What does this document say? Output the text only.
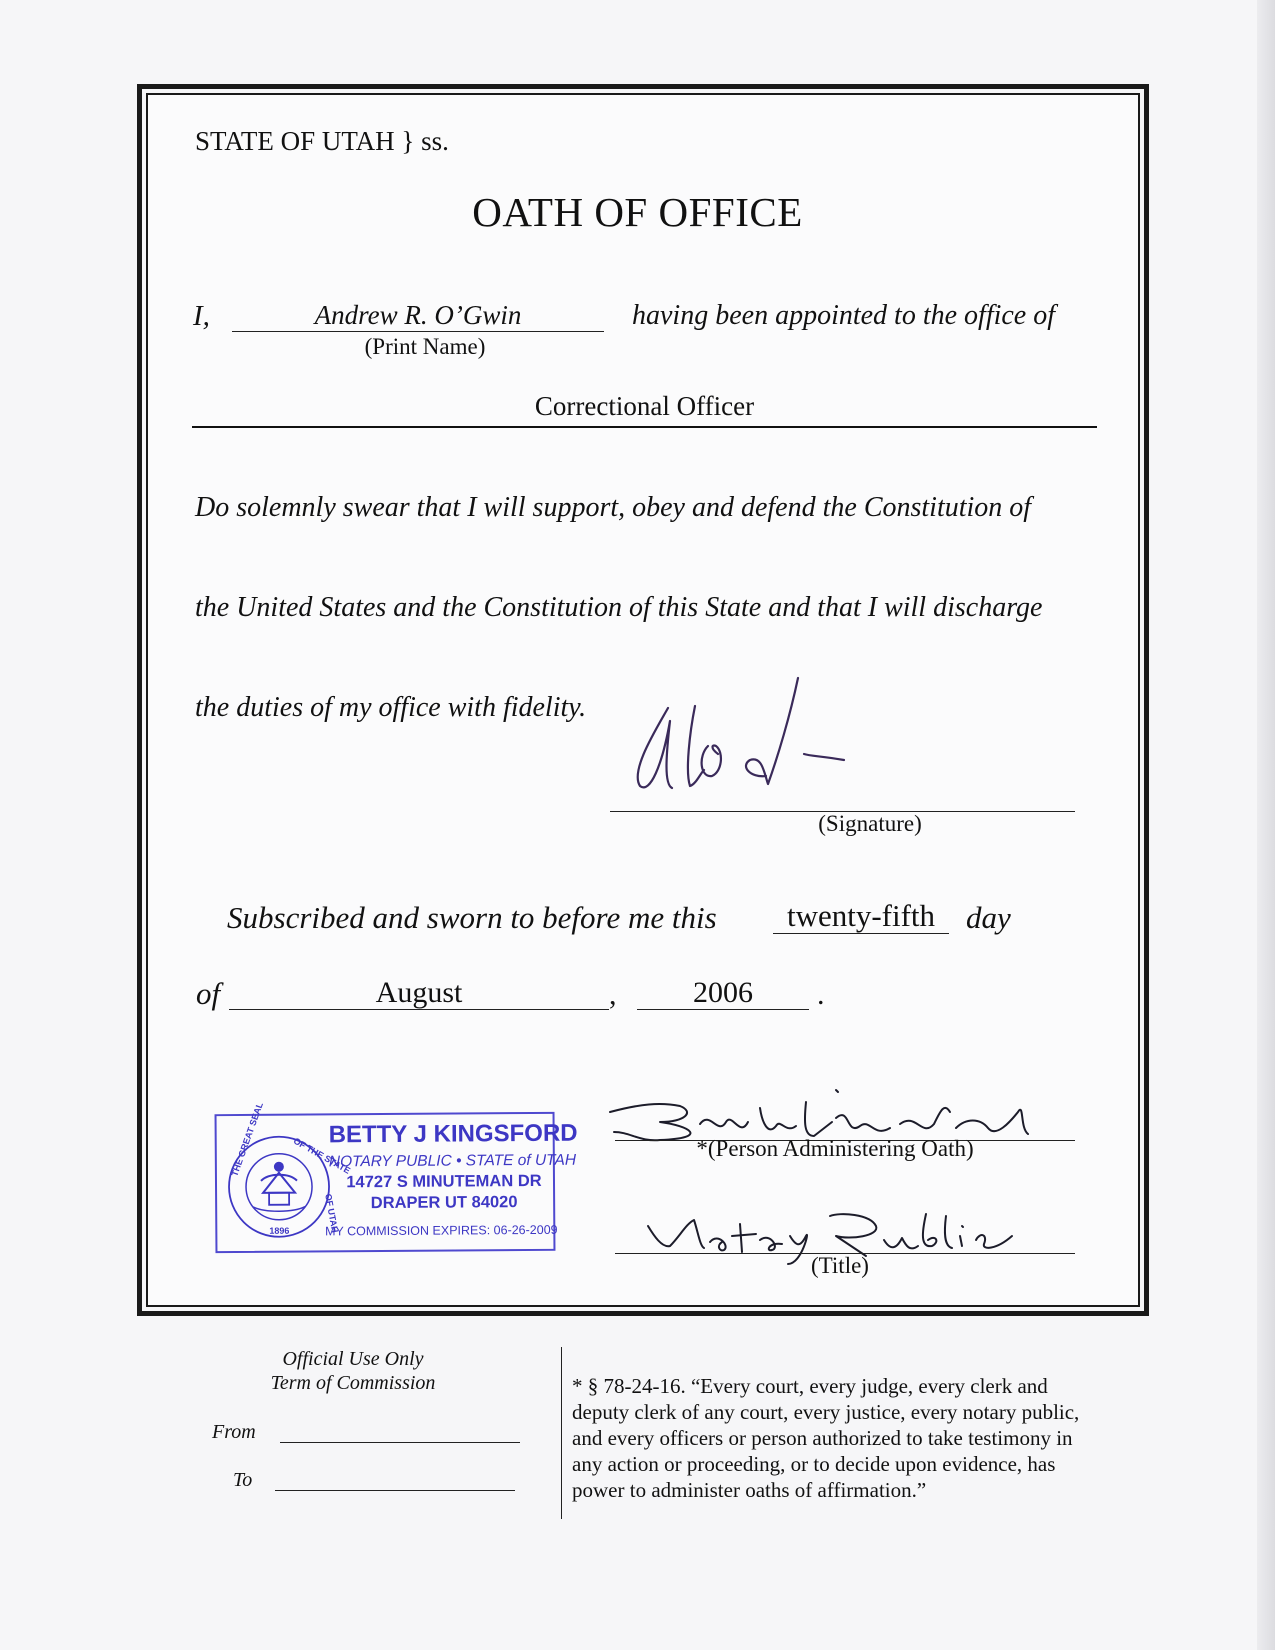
STATE OF UTAH } ss.
OATH OF OFFICE
I,	Andrew R. O’Gwin
(Print Name)
having been appointed to the office of
Correctional Officer
Do solemnly swear that I will support, obey and defend the Constitution of
the United States and the Constitution of this State and that I will discharge
the duties of my office with fidelity.
(Signature)
Subscribed and sworn to before me this	twenty-fifth day
of	August	,	2006	.
THE GREAT SEAL	OF THE STATE
OF UTAH
1896
BETTY J KINGSFORD
NOTARY PUBLIC • STATE of UTAH
14727 S MINUTEMAN DR
DRAPER UT 84020
MY COMMISSION EXPIRES: 06-26-2009
*(Person Administering Oath)
(Title)
Official Use Only
Term of Commission
From
To
* § 78-24-16. “Every court, every judge, every clerk and
deputy clerk of any court, every justice, every notary public,
and every officers or person authorized to take testimony in
any action or proceeding, or to decide upon evidence, has
power to administer oaths of affirmation.”
